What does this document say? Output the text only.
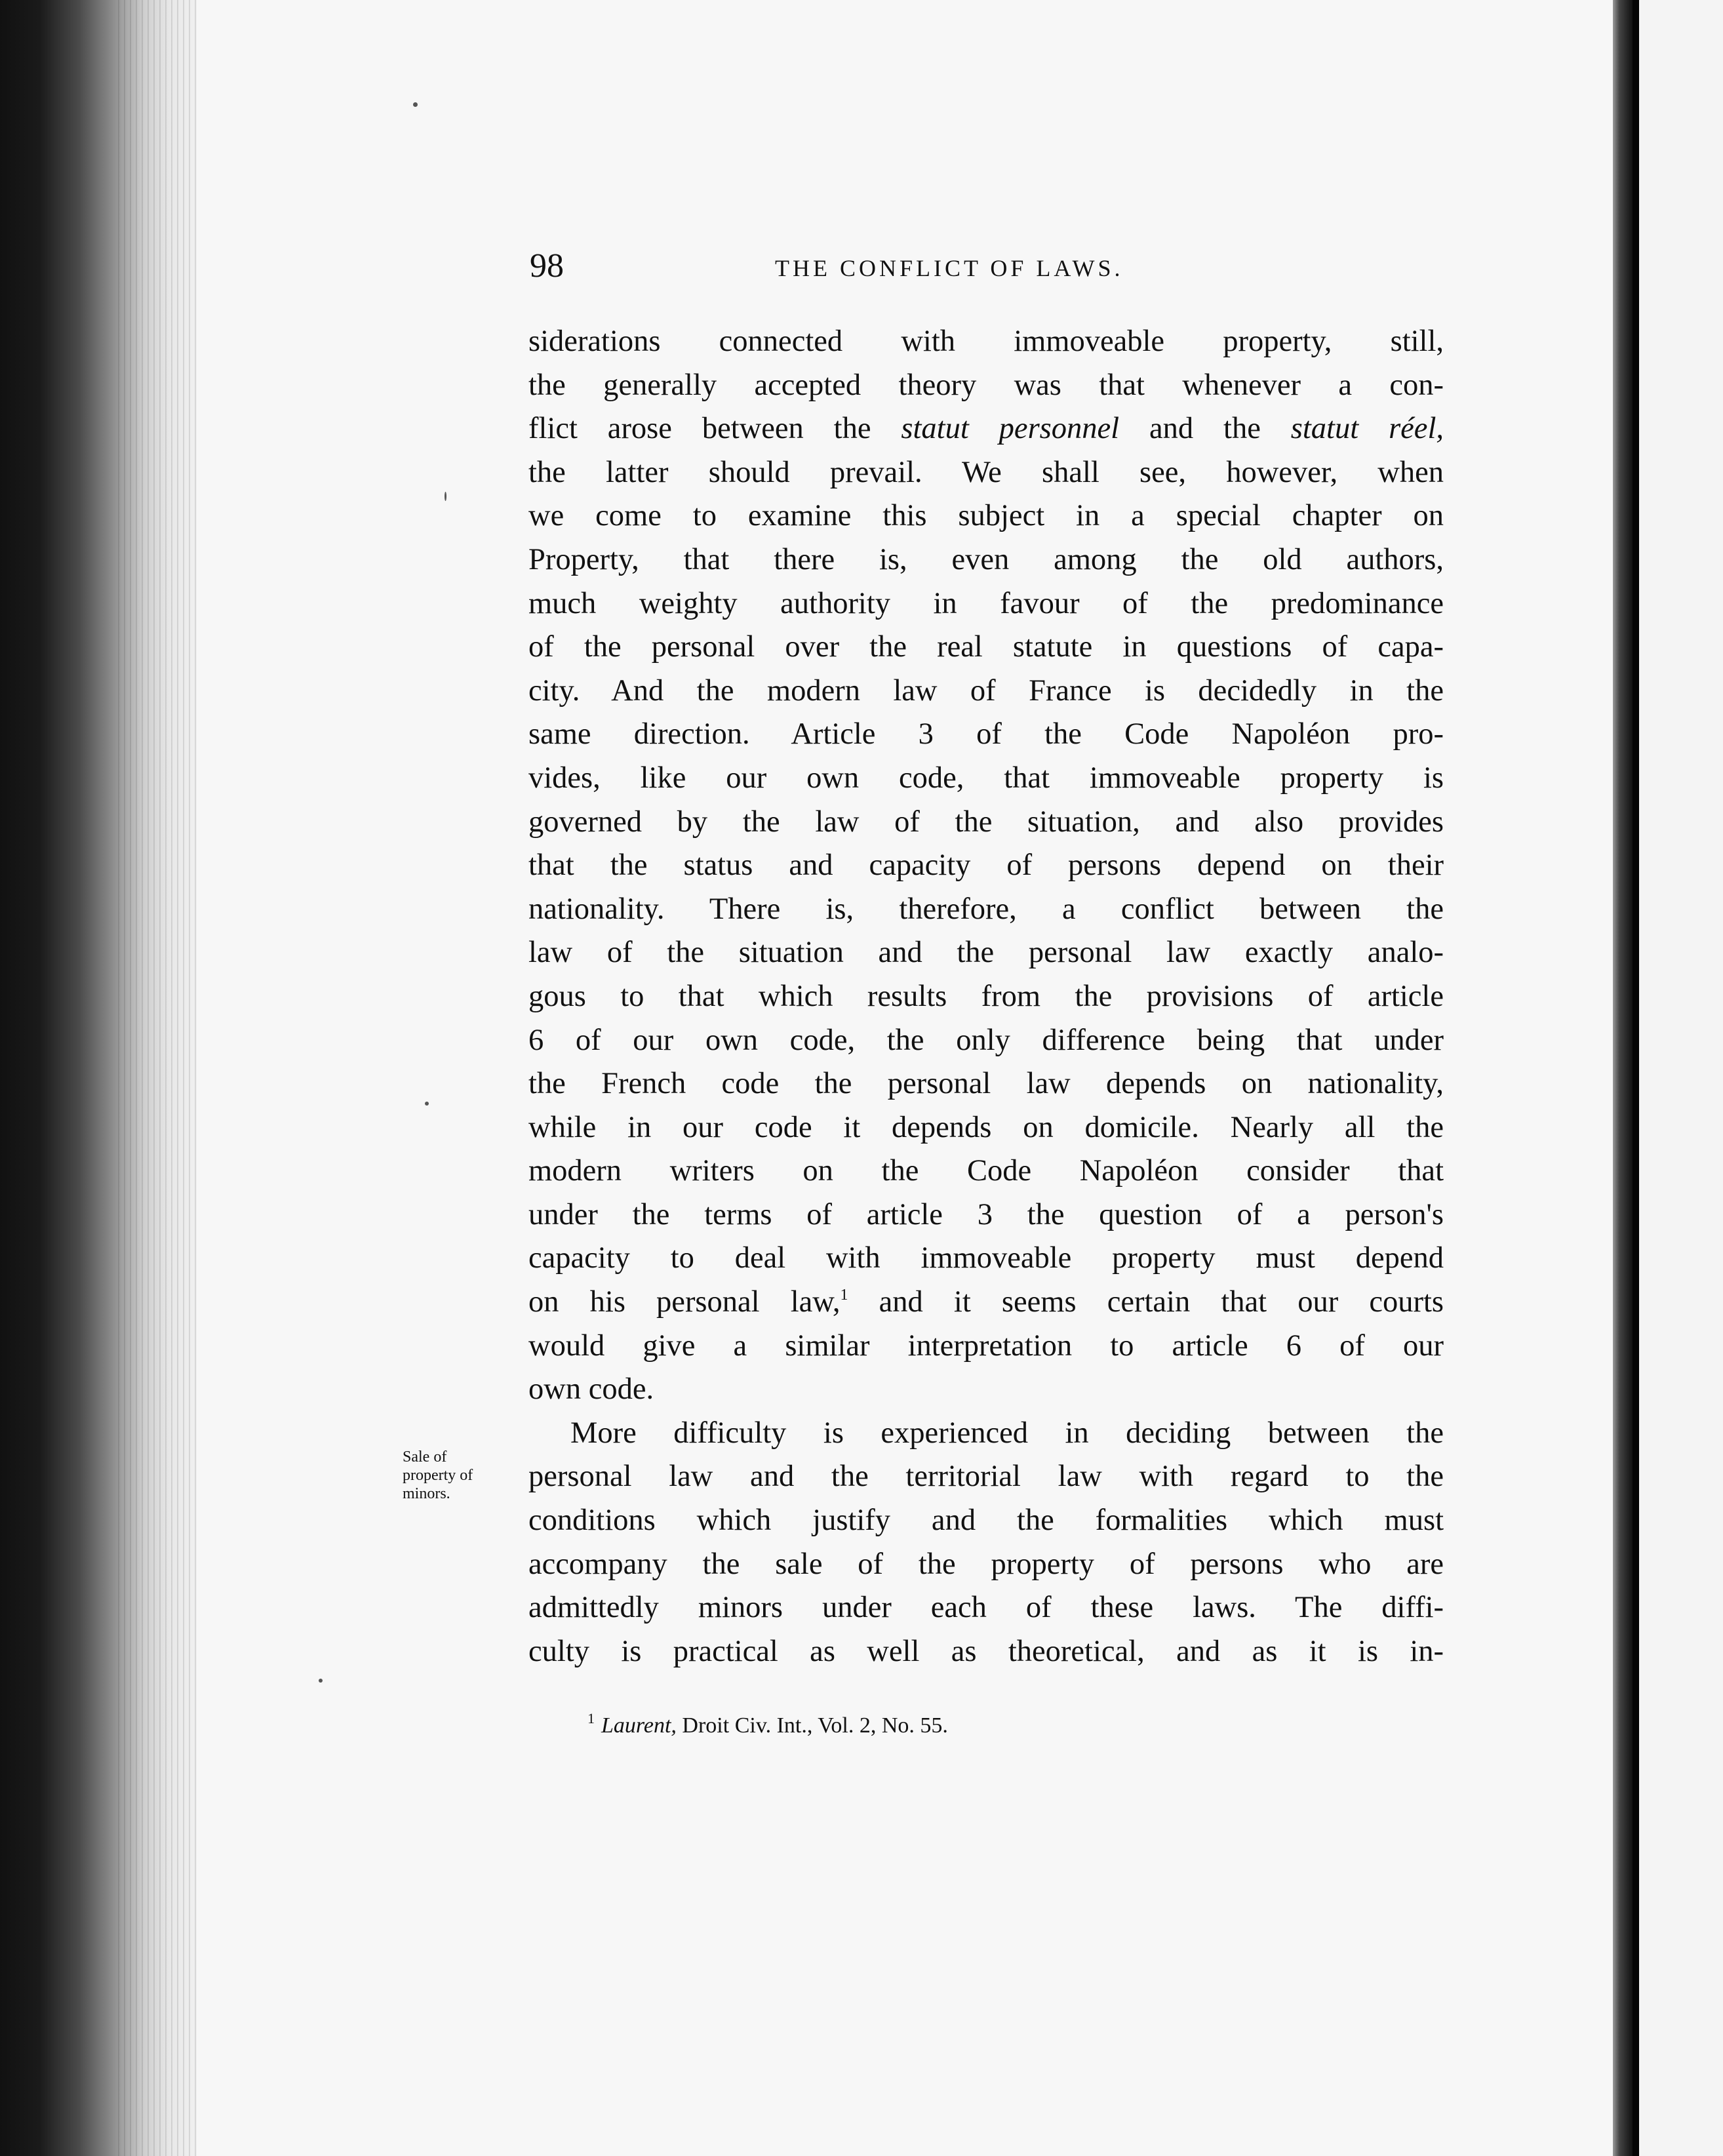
98	THE CONFLICT OF LAWS.
siderations connected with immoveable property, still,
the generally accepted theory was that whenever a con-
flict arose between the statut personnel and the statut réel,
the latter should prevail. We shall see, however, when
we come to examine this subject in a special chapter on
Property, that there is, even among the old authors,
much weighty authority in favour of the predominance
of the personal over the real statute in questions of capa-
city. And the modern law of France is decidedly in the
same direction. Article 3 of the Code Napoléon pro-
vides, like our own code, that immoveable property is
governed by the law of the situation, and also provides
that the status and capacity of persons depend on their
nationality. There is, therefore, a conflict between the
law of the situation and the personal law exactly analo-
gous to that which results from the provisions of article
6 of our own code, the only difference being that under
the French code the personal law depends on nationality,
while in our code it depends on domicile. Nearly all the
modern writers on the Code Napoléon consider that
under the terms of article 3 the question of a person's
capacity to deal with immoveable property must depend
on his personal law,$^1$ and it seems certain that our courts
would give a similar interpretation to article 6 of our
own code.
More difficulty is experienced in deciding between the
personal law and the territorial law with regard to the
conditions which justify and the formalities which must
accompany the sale of the property of persons who are
admittedly minors under each of these laws. The diffi-
culty is practical as well as theoretical, and as it is in-
Sale of
property of
minors.
$^1$ Laurent, Droit Civ. Int., Vol. 2, No. 55.
